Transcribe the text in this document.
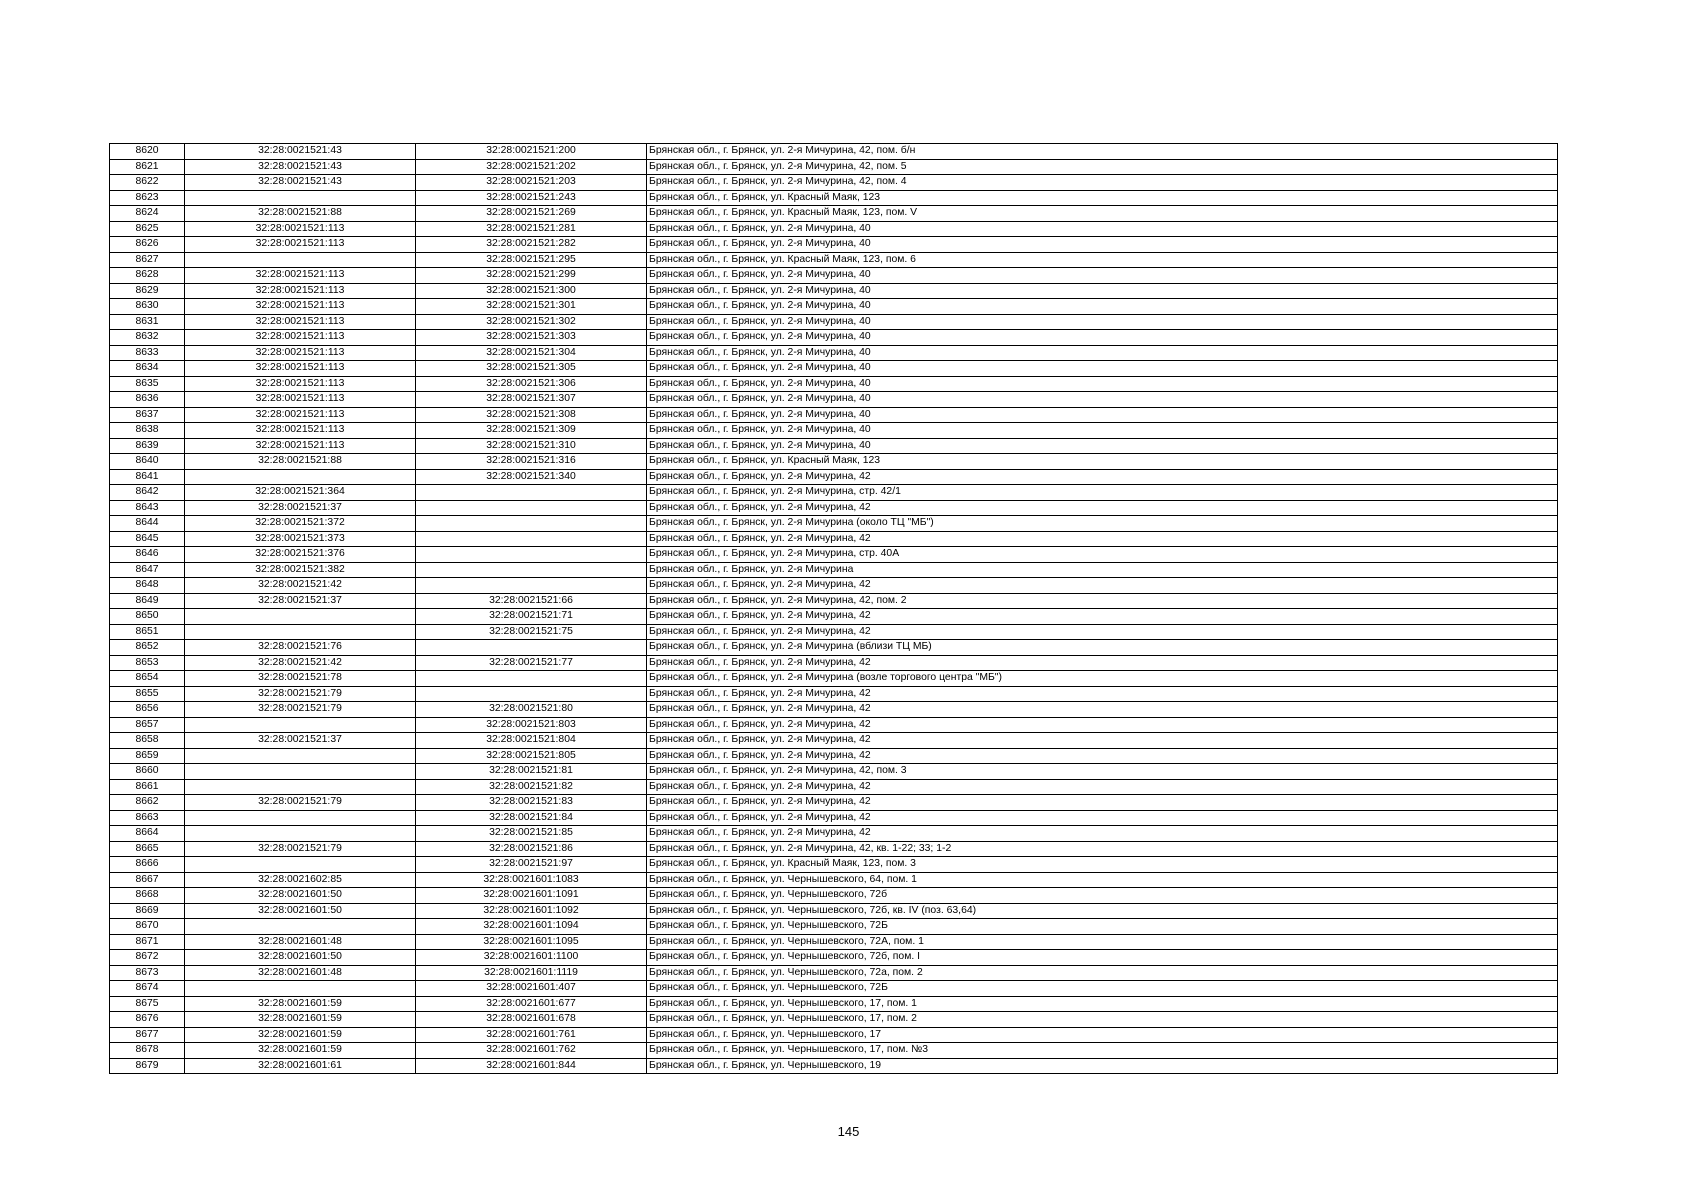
8620	32:28:0021521:43	32:28:0021521:200	Брянская обл., г. Брянск, ул. 2-я Мичурина, 42, пом. б/н
8621	32:28:0021521:43	32:28:0021521:202	Брянская обл., г. Брянск, ул. 2-я Мичурина, 42, пом. 5
8622	32:28:0021521:43	32:28:0021521:203	Брянская обл., г. Брянск, ул. 2-я Мичурина, 42, пом. 4
8623		32:28:0021521:243	Брянская обл., г. Брянск, ул. Красный Маяк, 123
8624	32:28:0021521:88	32:28:0021521:269	Брянская обл., г. Брянск, ул. Красный Маяк, 123, пом. V
8625	32:28:0021521:113	32:28:0021521:281	Брянская обл., г. Брянск, ул. 2-я Мичурина, 40
8626	32:28:0021521:113	32:28:0021521:282	Брянская обл., г. Брянск, ул. 2-я Мичурина, 40
8627		32:28:0021521:295	Брянская обл., г. Брянск, ул. Красный Маяк, 123, пом. 6
8628	32:28:0021521:113	32:28:0021521:299	Брянская обл., г. Брянск, ул. 2-я Мичурина, 40
8629	32:28:0021521:113	32:28:0021521:300	Брянская обл., г. Брянск, ул. 2-я Мичурина, 40
8630	32:28:0021521:113	32:28:0021521:301	Брянская обл., г. Брянск, ул. 2-я Мичурина, 40
8631	32:28:0021521:113	32:28:0021521:302	Брянская обл., г. Брянск, ул. 2-я Мичурина, 40
8632	32:28:0021521:113	32:28:0021521:303	Брянская обл., г. Брянск, ул. 2-я Мичурина, 40
8633	32:28:0021521:113	32:28:0021521:304	Брянская обл., г. Брянск, ул. 2-я Мичурина, 40
8634	32:28:0021521:113	32:28:0021521:305	Брянская обл., г. Брянск, ул. 2-я Мичурина, 40
8635	32:28:0021521:113	32:28:0021521:306	Брянская обл., г. Брянск, ул. 2-я Мичурина, 40
8636	32:28:0021521:113	32:28:0021521:307	Брянская обл., г. Брянск, ул. 2-я Мичурина, 40
8637	32:28:0021521:113	32:28:0021521:308	Брянская обл., г. Брянск, ул. 2-я Мичурина, 40
8638	32:28:0021521:113	32:28:0021521:309	Брянская обл., г. Брянск, ул. 2-я Мичурина, 40
8639	32:28:0021521:113	32:28:0021521:310	Брянская обл., г. Брянск, ул. 2-я Мичурина, 40
8640	32:28:0021521:88	32:28:0021521:316	Брянская обл., г. Брянск, ул. Красный Маяк, 123
8641		32:28:0021521:340	Брянская обл., г. Брянск, ул. 2-я Мичурина, 42
8642	32:28:0021521:364		Брянская обл., г. Брянск, ул. 2-я Мичурина, стр. 42/1
8643	32:28:0021521:37		Брянская обл., г. Брянск, ул. 2-я Мичурина, 42
8644	32:28:0021521:372		Брянская обл., г. Брянск, ул. 2-я Мичурина (около ТЦ "МБ")
8645	32:28:0021521:373		Брянская обл., г. Брянск, ул. 2-я Мичурина, 42
8646	32:28:0021521:376		Брянская обл., г. Брянск, ул. 2-я Мичурина, стр. 40А
8647	32:28:0021521:382		Брянская обл., г. Брянск, ул. 2-я Мичурина
8648	32:28:0021521:42		Брянская обл., г. Брянск, ул. 2-я Мичурина, 42
8649	32:28:0021521:37	32:28:0021521:66	Брянская обл., г. Брянск, ул. 2-я Мичурина, 42, пом. 2
8650		32:28:0021521:71	Брянская обл., г. Брянск, ул. 2-я Мичурина, 42
8651		32:28:0021521:75	Брянская обл., г. Брянск, ул. 2-я Мичурина, 42
8652	32:28:0021521:76		Брянская обл., г. Брянск, ул. 2-я Мичурина (вблизи ТЦ МБ)
8653	32:28:0021521:42	32:28:0021521:77	Брянская обл., г. Брянск, ул. 2-я Мичурина, 42
8654	32:28:0021521:78		Брянская обл., г. Брянск, ул. 2-я Мичурина (возле торгового центра "МБ")
8655	32:28:0021521:79		Брянская обл., г. Брянск, ул. 2-я Мичурина, 42
8656	32:28:0021521:79	32:28:0021521:80	Брянская обл., г. Брянск, ул. 2-я Мичурина, 42
8657		32:28:0021521:803	Брянская обл., г. Брянск, ул. 2-я Мичурина, 42
8658	32:28:0021521:37	32:28:0021521:804	Брянская обл., г. Брянск, ул. 2-я Мичурина, 42
8659		32:28:0021521:805	Брянская обл., г. Брянск, ул. 2-я Мичурина, 42
8660		32:28:0021521:81	Брянская обл., г. Брянск, ул. 2-я Мичурина, 42, пом. 3
8661		32:28:0021521:82	Брянская обл., г. Брянск, ул. 2-я Мичурина, 42
8662	32:28:0021521:79	32:28:0021521:83	Брянская обл., г. Брянск, ул. 2-я Мичурина, 42
8663		32:28:0021521:84	Брянская обл., г. Брянск, ул. 2-я Мичурина, 42
8664		32:28:0021521:85	Брянская обл., г. Брянск, ул. 2-я Мичурина, 42
8665	32:28:0021521:79	32:28:0021521:86	Брянская обл., г. Брянск, ул. 2-я Мичурина, 42, кв. 1-22; 33; 1-2
8666		32:28:0021521:97	Брянская обл., г. Брянск, ул. Красный Маяк, 123, пом. 3
8667	32:28:0021602:85	32:28:0021601:1083	Брянская обл., г. Брянск, ул. Чернышевского, 64, пом. 1
8668	32:28:0021601:50	32:28:0021601:1091	Брянская обл., г. Брянск, ул. Чернышевского, 72б
8669	32:28:0021601:50	32:28:0021601:1092	Брянская обл., г. Брянск, ул. Чернышевского, 72б, кв. IV (поз. 63,64)
8670		32:28:0021601:1094	Брянская обл., г. Брянск, ул. Чернышевского, 72Б
8671	32:28:0021601:48	32:28:0021601:1095	Брянская обл., г. Брянск, ул. Чернышевского, 72А, пом. 1
8672	32:28:0021601:50	32:28:0021601:1100	Брянская обл., г. Брянск, ул. Чернышевского, 72б, пом. I
8673	32:28:0021601:48	32:28:0021601:1119	Брянская обл., г. Брянск, ул. Чернышевского, 72а, пом. 2
8674		32:28:0021601:407	Брянская обл., г. Брянск, ул. Чернышевского, 72Б
8675	32:28:0021601:59	32:28:0021601:677	Брянская обл., г. Брянск, ул. Чернышевского, 17, пом. 1
8676	32:28:0021601:59	32:28:0021601:678	Брянская обл., г. Брянск, ул. Чернышевского, 17, пом. 2
8677	32:28:0021601:59	32:28:0021601:761	Брянская обл., г. Брянск, ул. Чернышевского, 17
8678	32:28:0021601:59	32:28:0021601:762	Брянская обл., г. Брянск, ул. Чернышевского, 17, пом. №3
8679	32:28:0021601:61	32:28:0021601:844	Брянская обл., г. Брянск, ул. Чернышевского, 19
145
